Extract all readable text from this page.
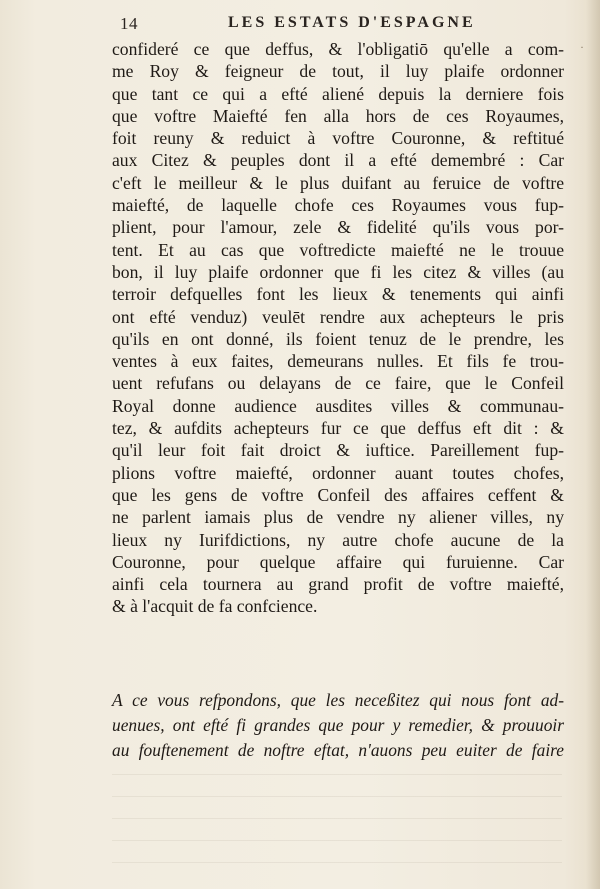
14	LES ESTATS D'ESPAGNE
·
confideré ce que deffus, & l'obligatiō qu'elle a com-
me Roy & feigneur de tout, il luy plaife ordonner
que tant ce qui a efté aliené depuis la derniere fois
que voftre Maiefté fen alla hors de ces Royaumes,
foit reuny & reduict à voftre Couronne, & reftitué
aux Citez & peuples dont il a efté demembré : Car
c'eft le meilleur & le plus duifant au feruice de voftre
maiefté, de laquelle chofe ces Royaumes vous fup-
plient, pour l'amour, zele & fidelité qu'ils vous por-
tent. Et au cas que voftredicte maiefté ne le trouue
bon, il luy plaife ordonner que fi les citez & villes (au
terroir defquelles font les lieux & tenements qui ainfi
ont efté venduz) veulēt rendre aux achepteurs le pris
qu'ils en ont donné, ils foient tenuz de le prendre, les
ventes à eux faites, demeurans nulles. Et fils fe trou-
uent refufans ou delayans de ce faire, que le Confeil
Royal donne audience ausdites villes & communau-
tez, & aufdits achepteurs fur ce que deffus eft dit : &
qu'il leur foit fait droict & iuftice. Pareillement fup-
plions voftre maiefté, ordonner auant toutes chofes,
que les gens de voftre Confeil des affaires ceffent &
ne parlent iamais plus de vendre ny aliener villes, ny
lieux ny Iurifdictions, ny autre chofe aucune de la
Couronne, pour quelque affaire qui furuienne. Car
ainfi cela tournera au grand profit de voftre maiefté,
& à l'acquit de fa confcience.
A ce vous refpondons, que les neceßitez qui nous font ad-
uenues, ont efté fi grandes que pour y remedier, & prouuoir
au fouftenement de noftre eftat, n'auons peu euiter de faire
